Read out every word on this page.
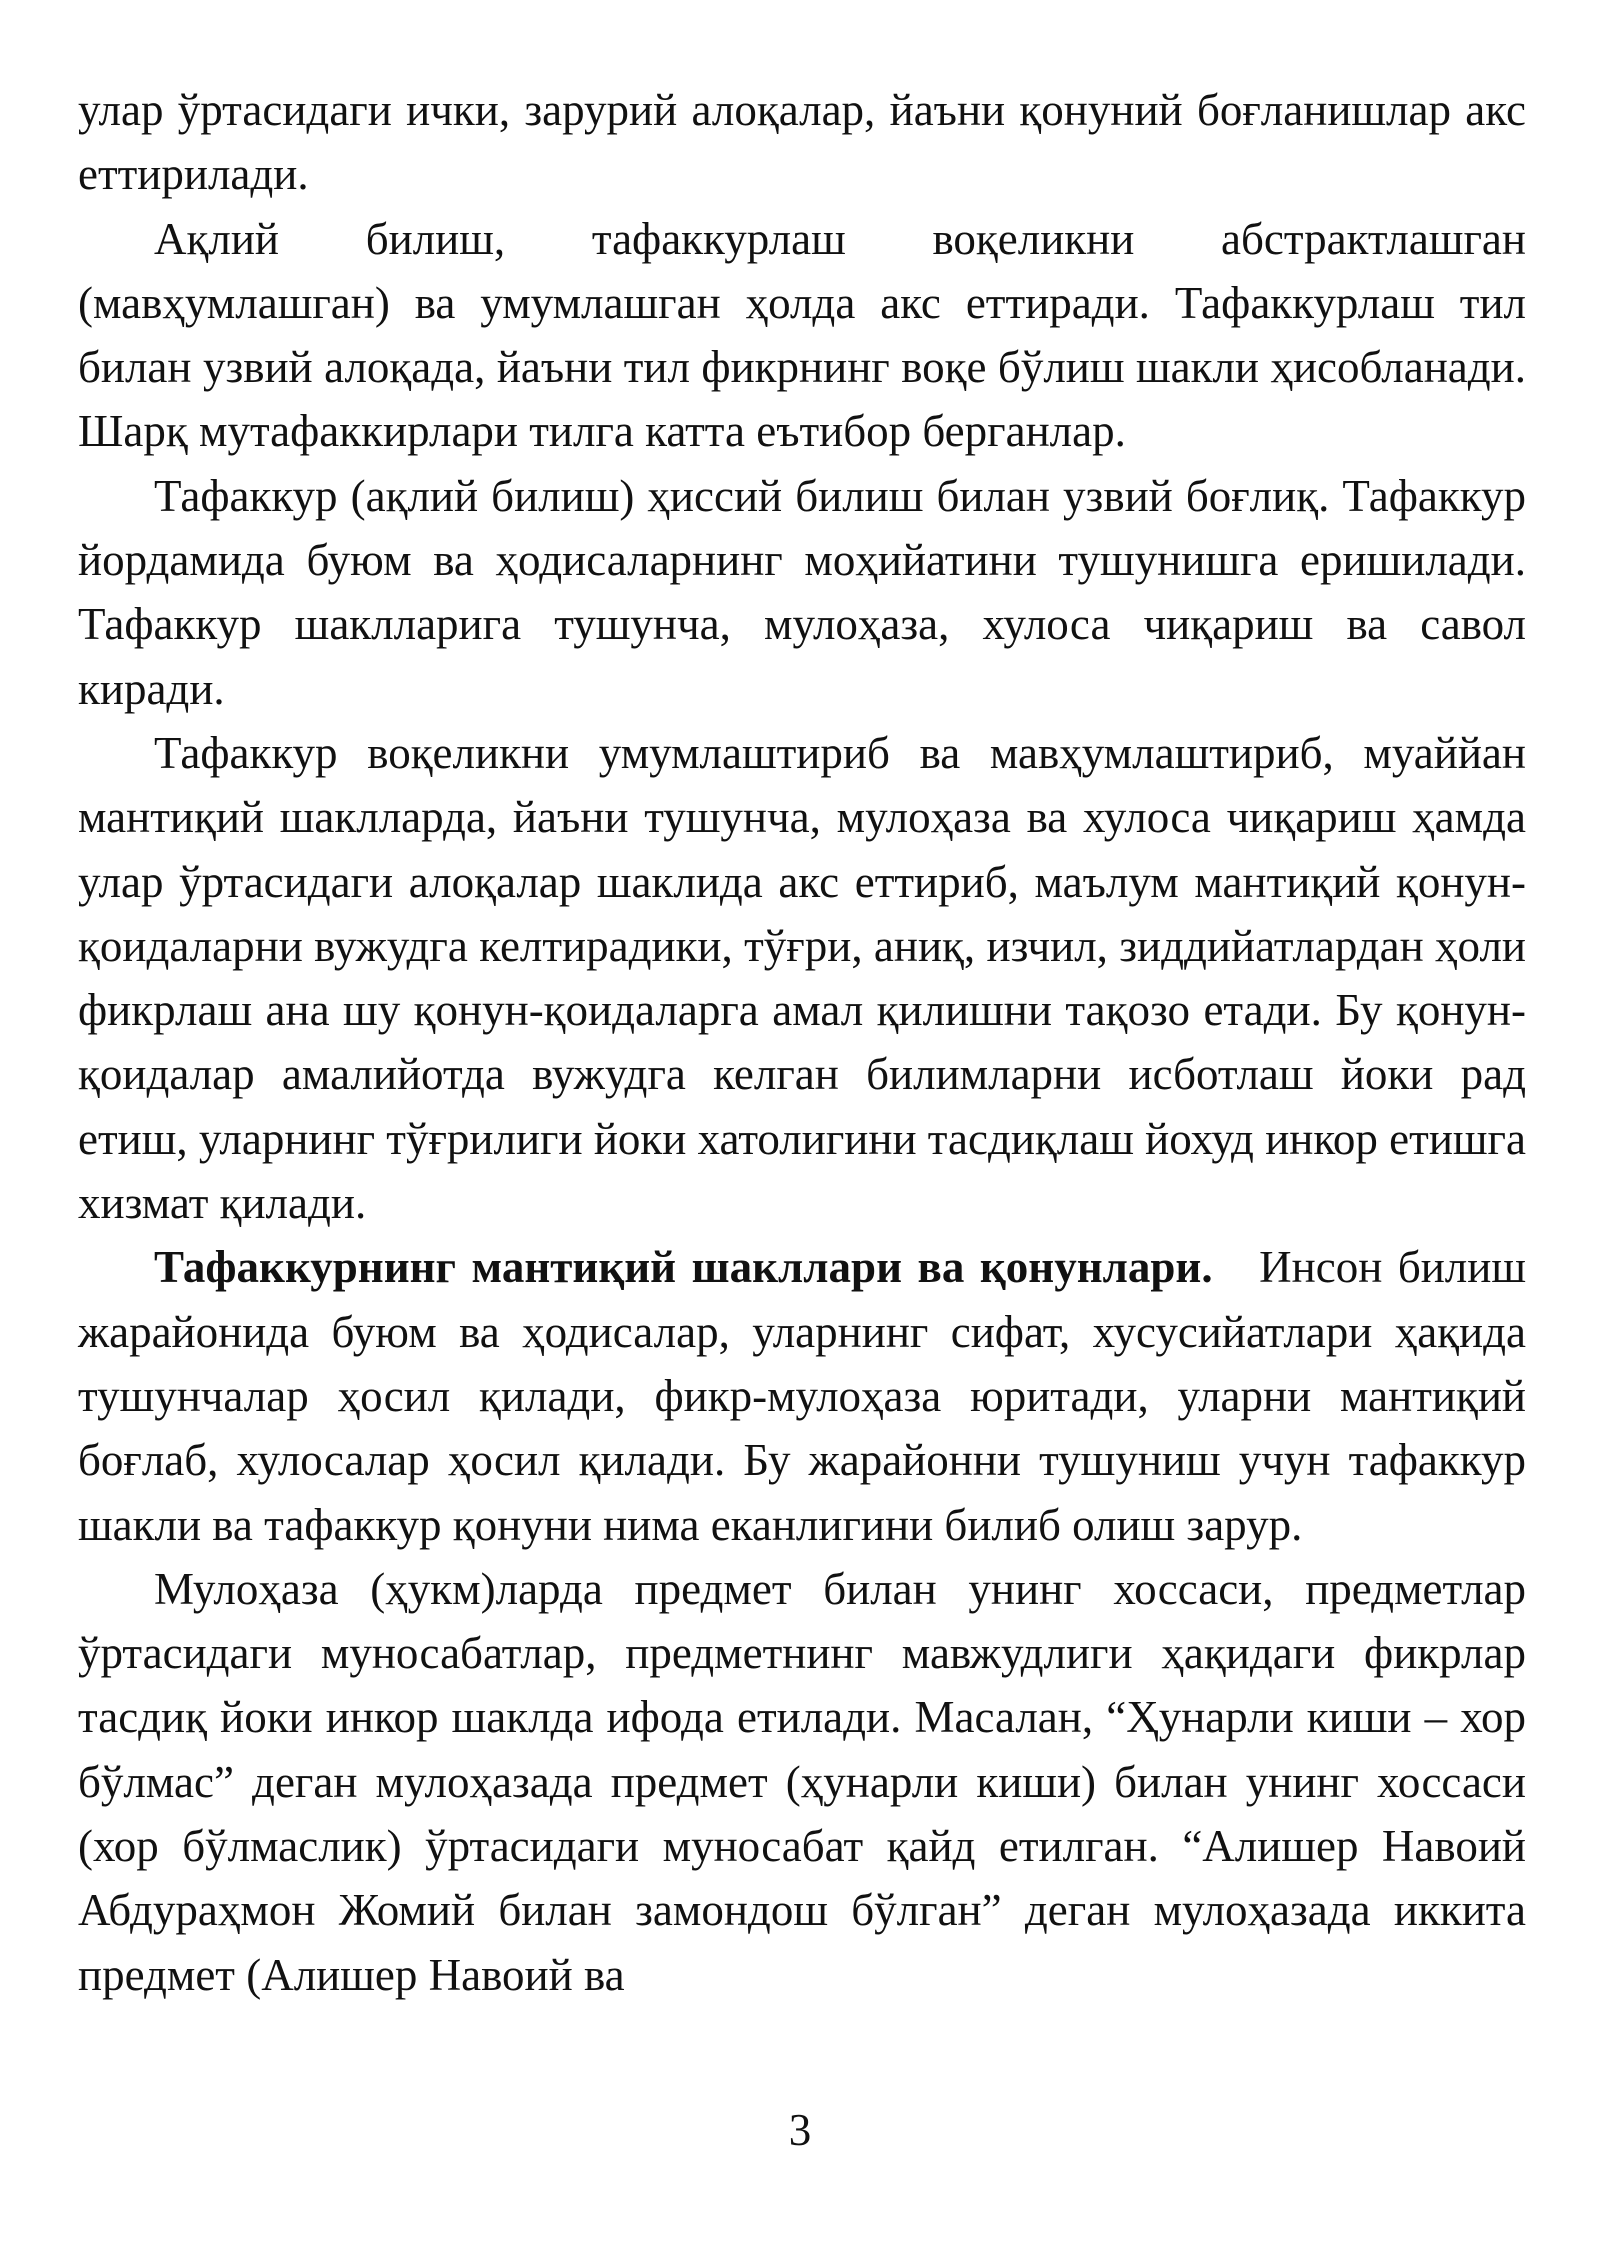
улар ўртасидаги ички, зарурий алоқалар, йаъни қонуний боғланишлар акс еттирилади.

Ақлий билиш, тафаккурлаш воқеликни абстрактлашган (мавҳумлашган) ва умумлашган ҳолда акс еттиради. Тафаккурлаш тил билан узвий алоқада, йаъни тил фикрнинг воқе бўлиш шакли ҳисобланади. Шарқ мутафаккирлари тилга катта еътибор берганлар.

Тафаккур (ақлий билиш) ҳиссий билиш билан узвий боғлиқ. Тафаккур йордамида буюм ва ҳодисаларнинг моҳийатини тушунишга еришилади. Тафаккур шаклларига тушунча, мулоҳаза, хулоса чиқариш ва савол киради.

Тафаккур воқеликни умумлаштириб ва мавҳумлаштириб, муаййан мантиқий шаклларда, йаъни тушунча, мулоҳаза ва хулоса чиқариш ҳамда улар ўртасидаги алоқалар шаклида акс еттириб, маълум мантиқий қонун-қоидаларни вужудга келтирадики, тўғри, аниқ, изчил, зиддийатлардан ҳоли фикрлаш ана шу қонун-қоидаларга амал қилишни тақозо етади. Бу қонун-қоидалар амалийотда вужудга келган билимларни исботлаш йоки рад етиш, уларнинг тўғрилиги йоки хатолигини тасдиқлаш йохуд инкор етишга хизмат қилади.

Тафаккурнинг мантиқий шакллари ва қонунлари.   Инсон билиш жарайонида буюм ва ҳодисалар, уларнинг сифат, хусусийатлари ҳақида тушунчалар ҳосил қилади, фикр-мулоҳаза юритади, уларни мантиқий боғлаб, хулосалар ҳосил қилади. Бу жарайонни тушуниш учун тафаккур шакли ва тафаккур қонуни нима еканлигини билиб олиш зарур.

Мулоҳаза (ҳукм)ларда предмет билан унинг хоссаси, предметлар ўртасидаги муносабатлар, предметнинг мавжудлиги ҳақидаги фикрлар тасдиқ йоки инкор шаклда ифода етилади. Масалан, “Ҳунарли киши – хор бўлмас” деган мулоҳазада предмет (ҳунарли киши) билан унинг хоссаси (хор бўлмаслик) ўртасидаги муносабат қайд етилган. “Алишер Навоий Абдураҳмон Жомий билан замондош бўлган” деган мулоҳазада иккита предмет (Алишер Навоий ва

3
